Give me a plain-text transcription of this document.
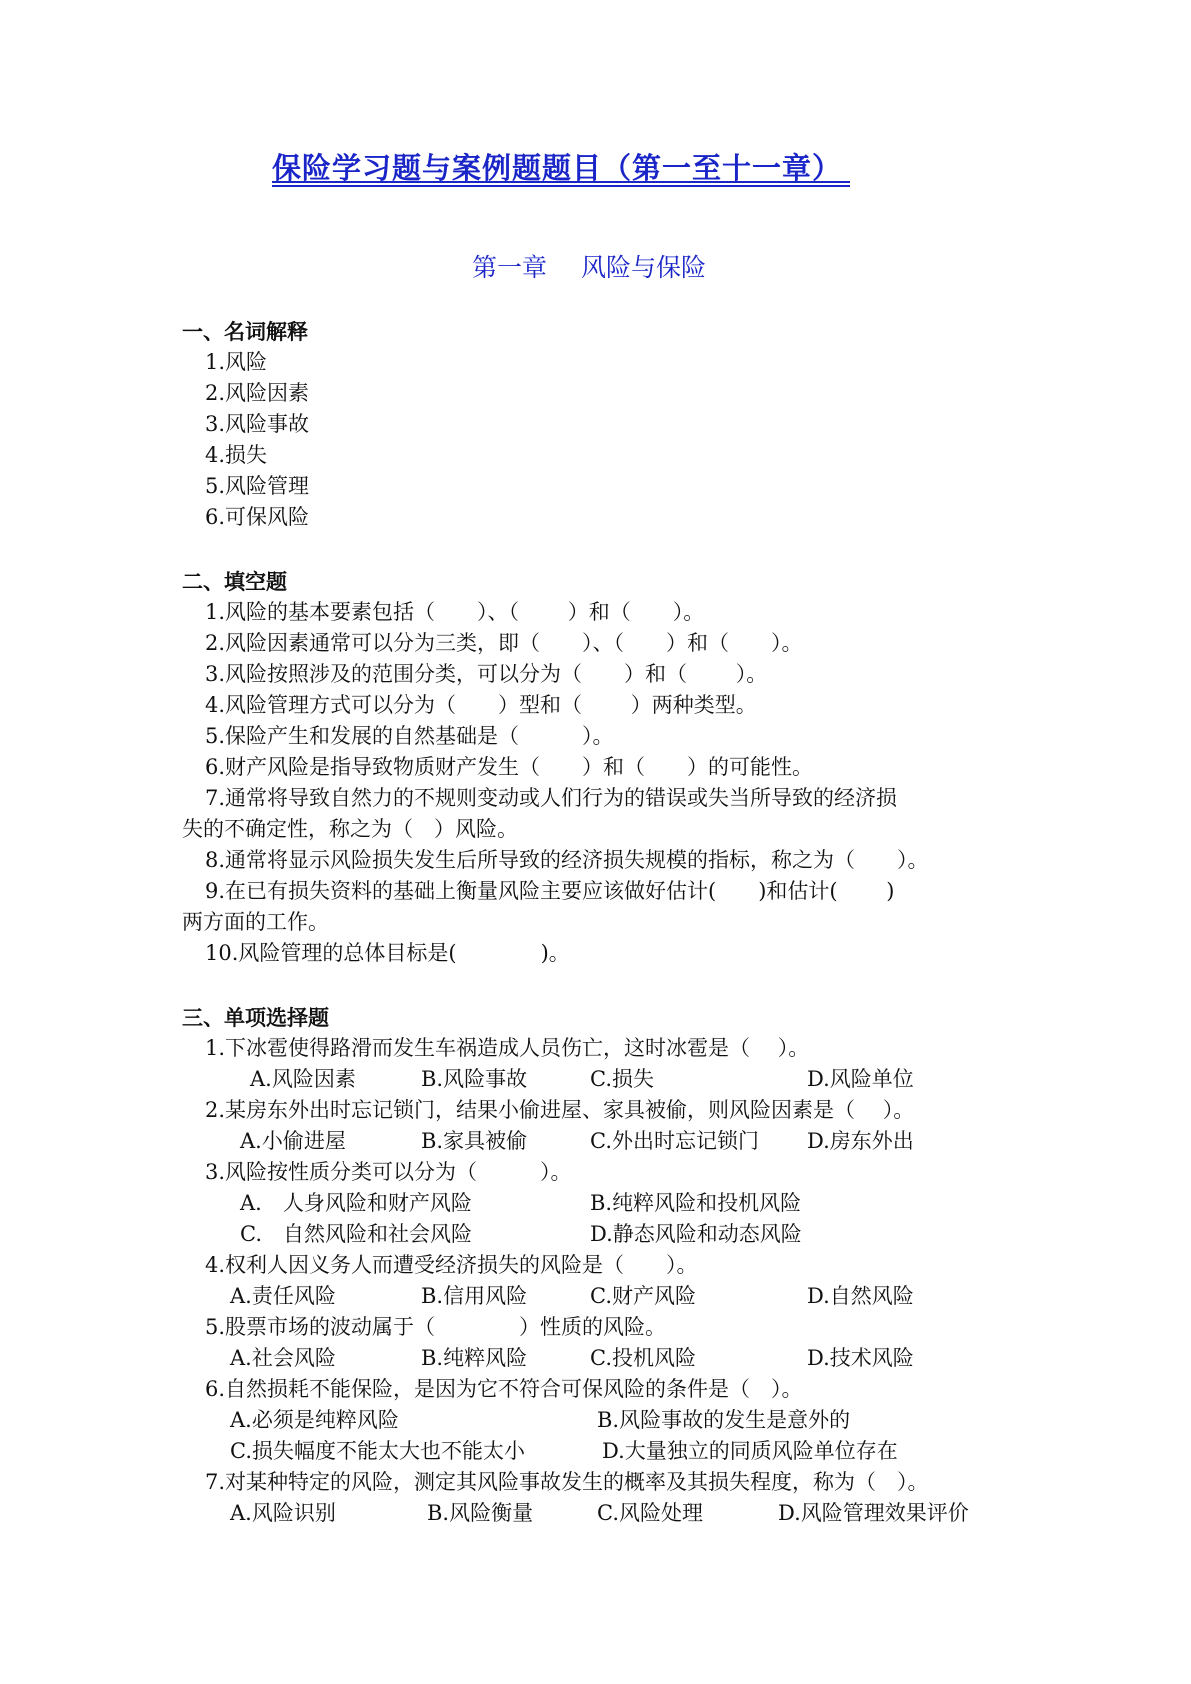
保险学习题与案例题题目（第一至十一章）
第一章 风险与保险
一、名词解释
1.风险
2.风险因素
3.风险事故
4.损失
5.风险管理
6.可保风险
二、填空题
1.风险的基本要素包括（　　）、（　　 ）和（　　）。
2.风险因素通常可以分为三类，即（　　）、（　　）和（　　）。
3.风险按照涉及的范围分类，可以分为（　　）和（　　 ）。
4.风险管理方式可以分为（　　）型和（　　 ）两种类型。
5.保险产生和发展的自然基础是（　　　）。
6.财产风险是指导致物质财产发生（　　）和（　　）的可能性。
7.通常将导致自然力的不规则变动或人们行为的错误或失当所导致的经济损
失的不确定性，称之为（　）风险。
8.通常将显示风险损失发生后所导致的经济损失规模的指标，称之为（　　）。
9.在已有损失资料的基础上衡量风险主要应该做好估计(　　)和估计(　　 )
两方面的工作。
10.风险管理的总体目标是(　　　　)。
三、单项选择题
1.下冰雹使得路滑而发生车祸造成人员伤亡，这时冰雹是（　 ）。
A.风险因素	B.风险事故	C.损失	D.风险单位
2.某房东外出时忘记锁门，结果小偷进屋、家具被偷，则风险因素是（　 ）。
A.小偷进屋	B.家具被偷	C.外出时忘记锁门 D.房东外出
3.风险按性质分类可以分为（　　　）。
A.　人身风险和财产风险	B.纯粹风险和投机风险
C.　自然风险和社会风险	D.静态风险和动态风险
4.权利人因义务人而遭受经济损失的风险是（　　）。
A.责任风险	B.信用风险	C.财产风险	D.自然风险
5.股票市场的波动属于（　　　　）性质的风险。
A.社会风险	B.纯粹风险	C.投机风险	D.技术风险
6.自然损耗不能保险，是因为它不符合可保风险的条件是（　）。
A.必须是纯粹风险	B.风险事故的发生是意外的
C.损失幅度不能太大也不能太小	D.大量独立的同质风险单位存在
7.对某种特定的风险，测定其风险事故发生的概率及其损失程度，称为（　）。
A.风险识别	B.风险衡量	C.风险处理	D.风险管理效果评价
